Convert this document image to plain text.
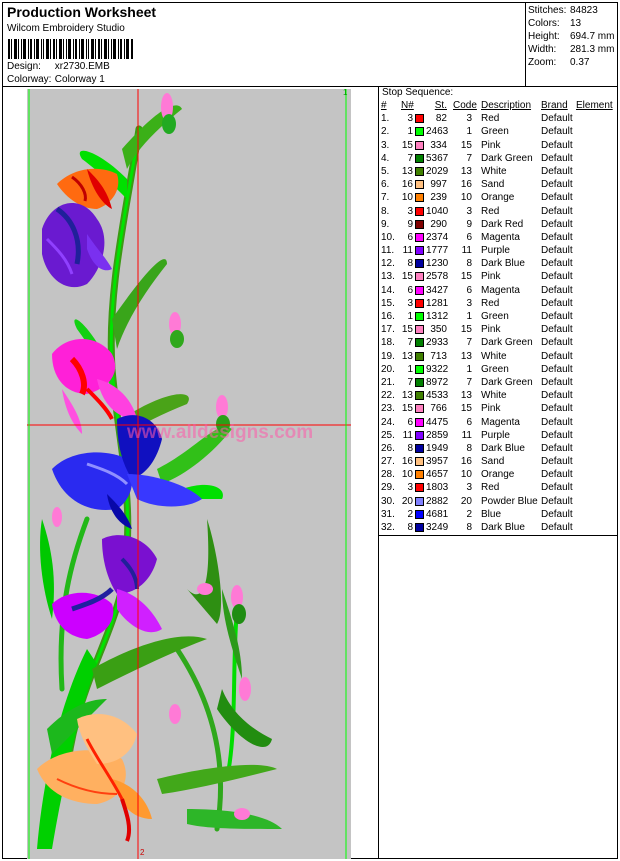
Production Worksheet
Wilcom Embroidery Studio
Design: xr2730.EMB
Colorway: Colorway 1
Stitches: 84823
Colors: 13
Height: 694.7 mm
Width: 281.3 mm
Zoom: 0.37
www.alldesigns.com
1
2
Stop Sequence:
# N#	St. Code Description Brand Element
1.	3	82	3 Red	Default
2.	1 2463	1 Green	Default
3. 15	334	15 Pink	Default
4.	7 5367	7 Dark Green Default
5. 13 2029	13 White	Default
6. 16	997	16 Sand	Default
7. 10	239	10 Orange	Default
8.	3 1040	3 Red	Default
9.	9	290	9 Dark Red Default
10.	6 2374	6 Magenta Default
11. 11 1777	11 Purple	Default
12.	8 1230	8 Dark Blue Default
13. 15 2578	15 Pink	Default
14.	6 3427	6 Magenta Default
15.	3 1281	3 Red	Default
16.	1 1312	1 Green	Default
17. 15	350	15 Pink	Default
18.	7 2933	7 Dark Green Default
19. 13	713	13 White	Default
20.	1 9322	1 Green	Default
21.	7 8972	7 Dark Green Default
22. 13 4533	13 White	Default
23. 15	766	15 Pink	Default
24.	6 4475	6 Magenta Default
25. 11 2859	11 Purple	Default
26.	8 1949	8 Dark Blue Default
27. 16 3957	16 Sand	Default
28. 10 4657	10 Orange	Default
29.	3 1803	3 Red	Default
30. 20 2882	20 Powder Blue Default
31.	2 4681	2 Blue	Default
32.	8 3249	8 Dark Blue Default
